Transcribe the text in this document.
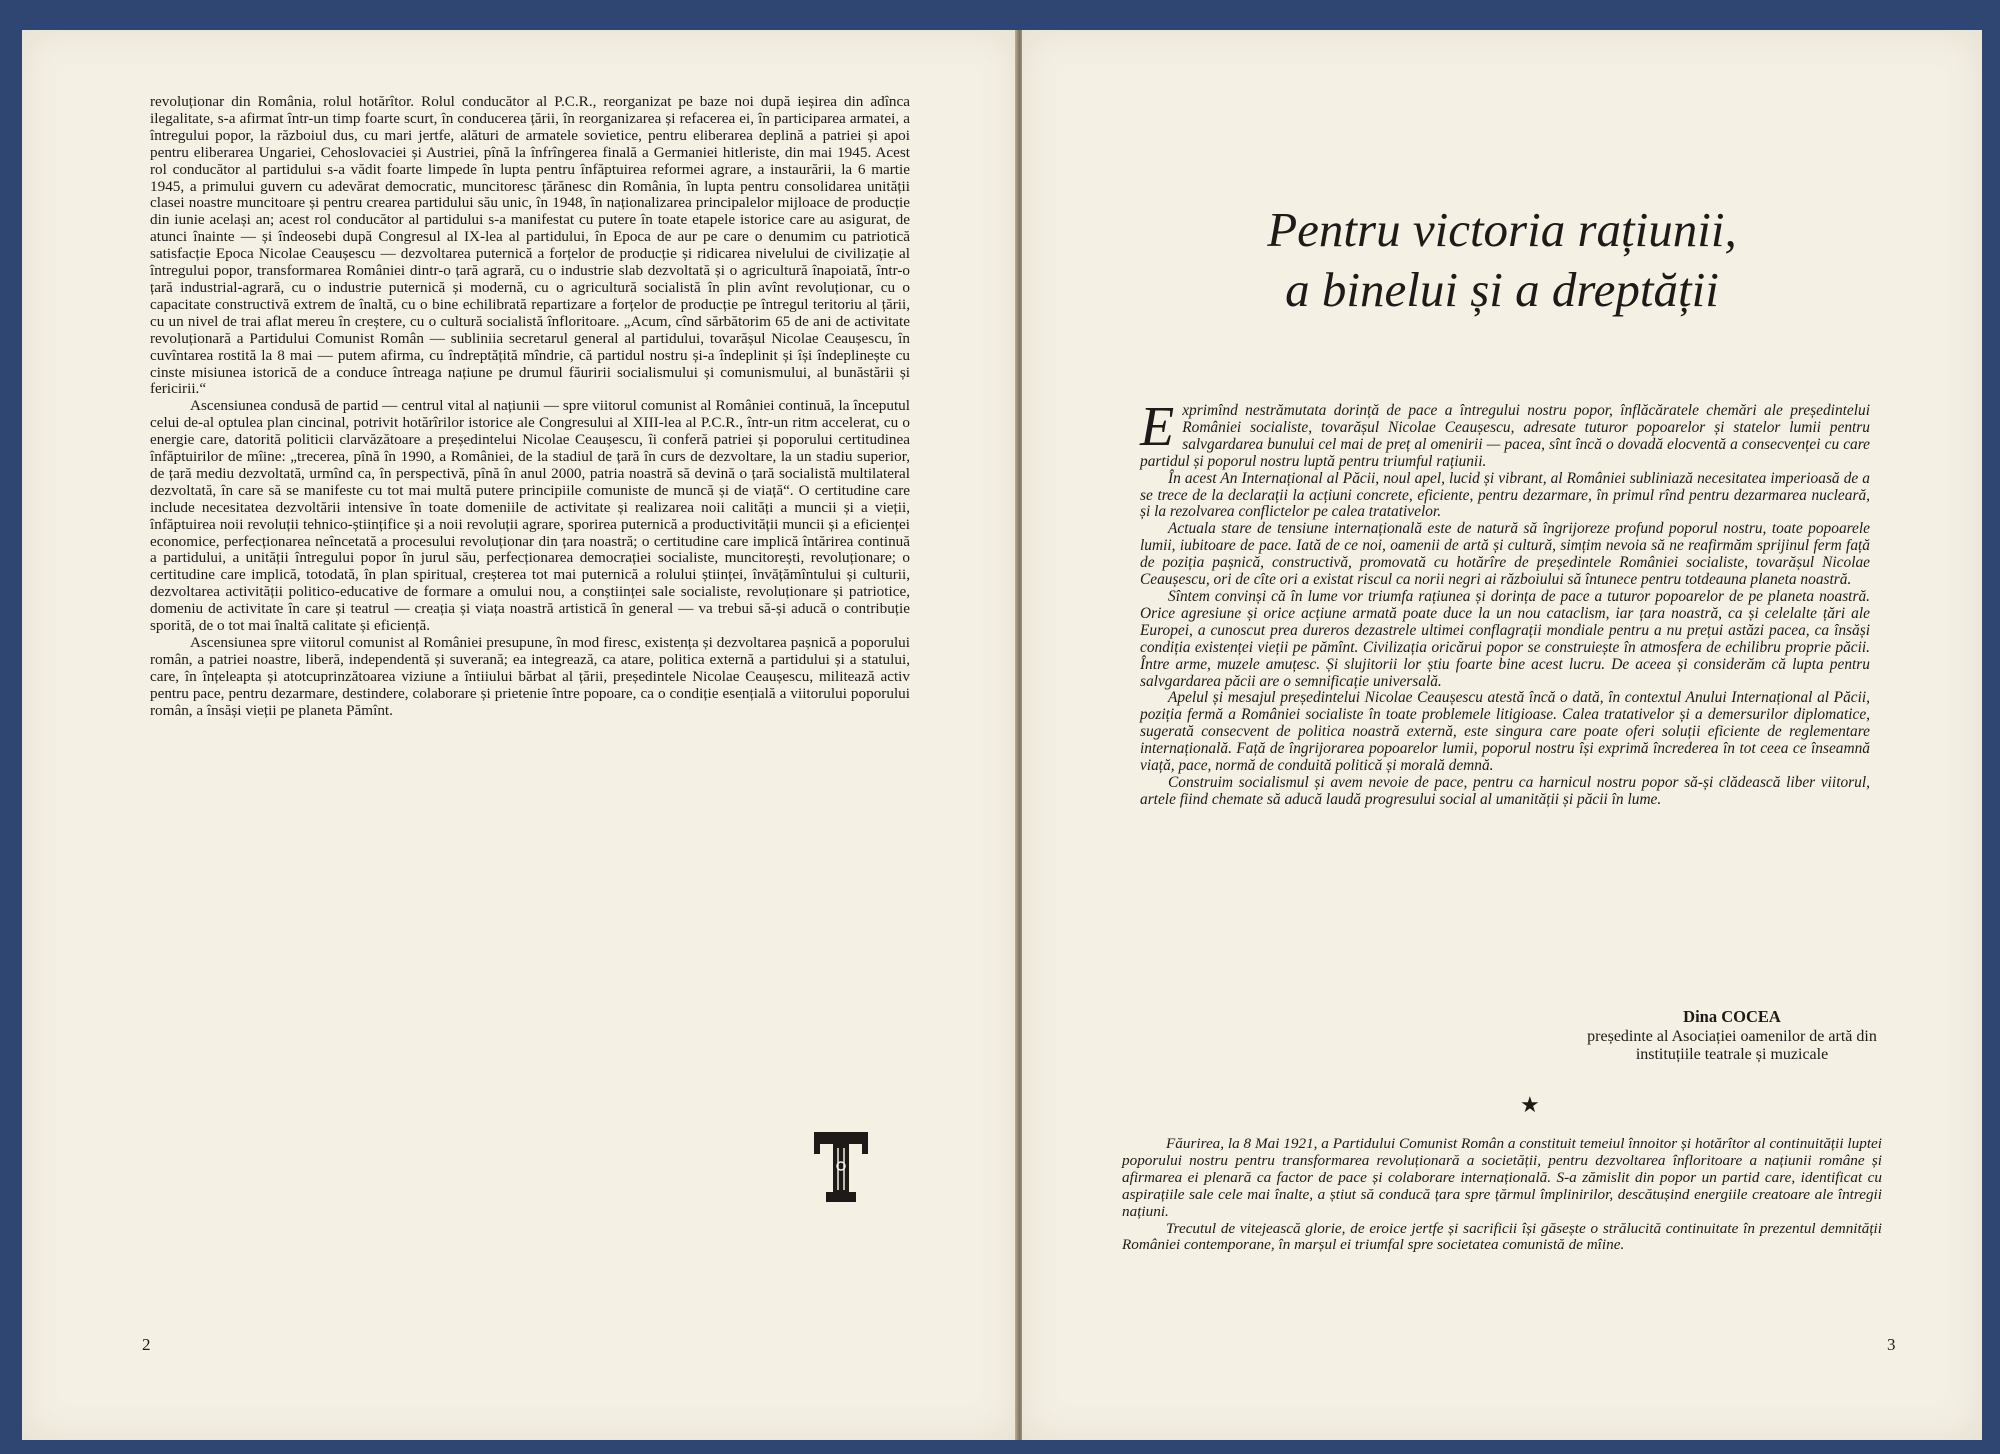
revoluționar din România, rolul hotărîtor. Rolul conducător al P.C.R., reorganizat pe baze noi după ieșirea din adînca ilegalitate, s-a afirmat într-un timp foarte scurt, în conducerea țării, în reorganizarea și refacerea ei, în participarea armatei, a întregului popor, la războiul dus, cu mari jertfe, alături de armatele sovietice, pentru eliberarea deplină a patriei și apoi pentru eliberarea Ungariei, Cehoslovaciei și Austriei, pînă la înfrîngerea finală a Germaniei hitleriste, din mai 1945. Acest rol conducător al partidului s-a vădit foarte limpede în lupta pentru înfăptuirea reformei agrare, a instaurării, la 6 martie 1945, a primului guvern cu adevărat democratic, muncitoresc țărănesc din România, în lupta pentru consolidarea unității clasei noastre muncitoare și pentru crearea partidului său unic, în 1948, în naționalizarea principalelor mijloace de producție din iunie același an; acest rol conducător al partidului s-a manifestat cu putere în toate etapele istorice care au asigurat, de atunci înainte — și îndeosebi după Congresul al IX-lea al partidului, în Epoca de aur pe care o denumim cu patriotică satisfacție Epoca Nicolae Ceaușescu — dezvoltarea puternică a forțelor de producție și ridicarea nivelului de civilizație al întregului popor, transformarea României dintr-o țară agrară, cu o industrie slab dezvoltată și o agricultură înapoiată, într-o țară industrial-agrară, cu o industrie puternică și modernă, cu o agricultură socialistă în plin avînt revoluționar, cu o capacitate constructivă extrem de înaltă, cu o bine echilibrată repartizare a forțelor de producție pe întregul teritoriu al țării, cu un nivel de trai aflat mereu în creștere, cu o cultură socialistă înfloritoare. „Acum, cînd sărbătorim 65 de ani de activitate revoluționară a Partidului Comunist Român — subliniia secretarul general al partidului, tovarășul Nicolae Ceaușescu, în cuvîntarea rostită la 8 mai — putem afirma, cu îndreptățită mîndrie, că partidul nostru și-a îndeplinit și își îndeplinește cu cinste misiunea istorică de a conduce întreaga națiune pe drumul făuririi socialismului și comunismului, al bunăstării și fericirii.“

Ascensiunea condusă de partid — centrul vital al națiunii — spre viitorul comunist al României continuă, la începutul celui de-al optulea plan cincinal, potrivit hotărîrilor istorice ale Congresului al XIII-lea al P.C.R., într-un ritm accelerat, cu o energie care, datorită politicii clarvăzătoare a președintelui Nicolae Ceaușescu, îi conferă patriei și poporului certitudinea înfăptuirilor de mîine: „trecerea, pînă în 1990, a României, de la stadiul de țară în curs de dezvoltare, la un stadiu superior, de țară mediu dezvoltată, urmînd ca, în perspectivă, pînă în anul 2000, patria noastră să devină o țară socialistă multilateral dezvoltată, în care să se manifeste cu tot mai multă putere principiile comuniste de muncă și de viață“. O certitudine care include necesitatea dezvoltării intensive în toate domeniile de activitate și realizarea noii calități a muncii și a vieții, înfăptuirea noii revoluții tehnico-științifice și a noii revoluții agrare, sporirea puternică a productivității muncii și a eficienței economice, perfecționarea neîncetată a procesului revoluționar din țara noastră; o certitudine care implică întărirea continuă a partidului, a unității întregului popor în jurul său, perfecționarea democrației socialiste, muncitorești, revoluționare; o certitudine care implică, totodată, în plan spiritual, creșterea tot mai puternică a rolului științei, învățămîntului și culturii, dezvoltarea activității politico-educative de formare a omului nou, a conștiinței sale socialiste, revoluționare și patriotice, domeniu de activitate în care și teatrul — creația și viața noastră artistică în general — va trebui să-și aducă o contribuție sporită, de o tot mai înaltă calitate și eficiență.

Ascensiunea spre viitorul comunist al României presupune, în mod firesc, existența și dezvoltarea pașnică a poporului român, a patriei noastre, liberă, independentă și suverană; ea integrează, ca atare, politica externă a partidului și a statului, care, în înțeleapta și atotcuprinzătoarea viziune a întiiului bărbat al țării, președintele Nicolae Ceaușescu, militează activ pentru pace, pentru dezarmare, destindere, colaborare și prietenie între popoare, ca o condiție esențială a viitorului poporului român, a însăși vieții pe planeta Pămînt.

2
Pentru victoria rațiunii,
a binelui și a dreptății

Exprimînd nestrămutata dorință de pace a întregului nostru popor, înflăcăratele chemări ale președintelui României socialiste, tovarășul Nicolae Ceaușescu, adresate tuturor popoarelor și statelor lumii pentru salvgardarea bunului cel mai de preț al omenirii — pacea, sînt încă o dovadă elocventă a consecvenței cu care partidul și poporul nostru luptă pentru triumful rațiunii.

În acest An Internațional al Păcii, noul apel, lucid și vibrant, al României subliniază necesitatea imperioasă de a se trece de la declarații la acțiuni concrete, eficiente, pentru dezarmare, în primul rînd pentru dezarmarea nucleară, și la rezolvarea conflictelor pe calea tratativelor.

Actuala stare de tensiune internațională este de natură să îngrijoreze profund poporul nostru, toate popoarele lumii, iubitoare de pace. Iată de ce noi, oamenii de artă și cultură, simțim nevoia să ne reafirmăm sprijinul ferm față de poziția pașnică, constructivă, promovată cu hotărîre de președintele României socialiste, tovarășul Nicolae Ceaușescu, ori de cîte ori a existat riscul ca norii negri ai războiului să întunece pentru totdeauna planeta noastră.

Sîntem convinși că în lume vor triumfa rațiunea și dorința de pace a tuturor popoarelor de pe planeta noastră. Orice agresiune și orice acțiune armată poate duce la un nou cataclism, iar țara noastră, ca și celelalte țări ale Europei, a cunoscut prea dureros dezastrele ultimei conflagrații mondiale pentru a nu prețui astăzi pacea, ca însăși condiția existenței vieții pe pămînt. Civilizația oricărui popor se construiește în atmosfera de echilibru proprie păcii. Între arme, muzele amuțesc. Și slujitorii lor știu foarte bine acest lucru. De aceea și considerăm că lupta pentru salvgardarea păcii are o semnificație universală.

Apelul și mesajul președintelui Nicolae Ceaușescu atestă încă o dată, în contextul Anului Internațional al Păcii, poziția fermă a României socialiste în toate problemele litigioase. Calea tratativelor și a demersurilor diplomatice, sugerată consecvent de politica noastră externă, este singura care poate oferi soluții eficiente de reglementare internațională. Față de îngrijorarea popoarelor lumii, poporul nostru își exprimă încrederea în tot ceea ce înseamnă viață, pace, normă de conduită politică și morală demnă.

Construim socialismul și avem nevoie de pace, pentru ca harnicul nostru popor să-și clădească liber viitorul, artele fiind chemate să aducă laudă progresului social al umanității și păcii în lume.

Dina COCEA
președinte al Asociației oamenilor de artă din instituțiile teatrale și muzicale
★

Făurirea, la 8 Mai 1921, a Partidului Comunist Român a constituit temeiul înnoitor și hotărîtor al continuității luptei poporului nostru pentru transformarea revoluționară a societății, pentru dezvoltarea înfloritoare a națiunii române și afirmarea ei plenară ca factor de pace și colaborare internațională. S-a zămislit din popor un partid care, identificat cu aspirațiile sale cele mai înalte, a știut să conducă țara spre țărmul împlinirilor, descătușind energiile creatoare ale întregii națiuni.

Trecutul de vitejească glorie, de eroice jertfe și sacrificii își găsește o strălucită continuitate în prezentul demnității României contemporane, în marșul ei triumfal spre societatea comunistă de mîine.

3
